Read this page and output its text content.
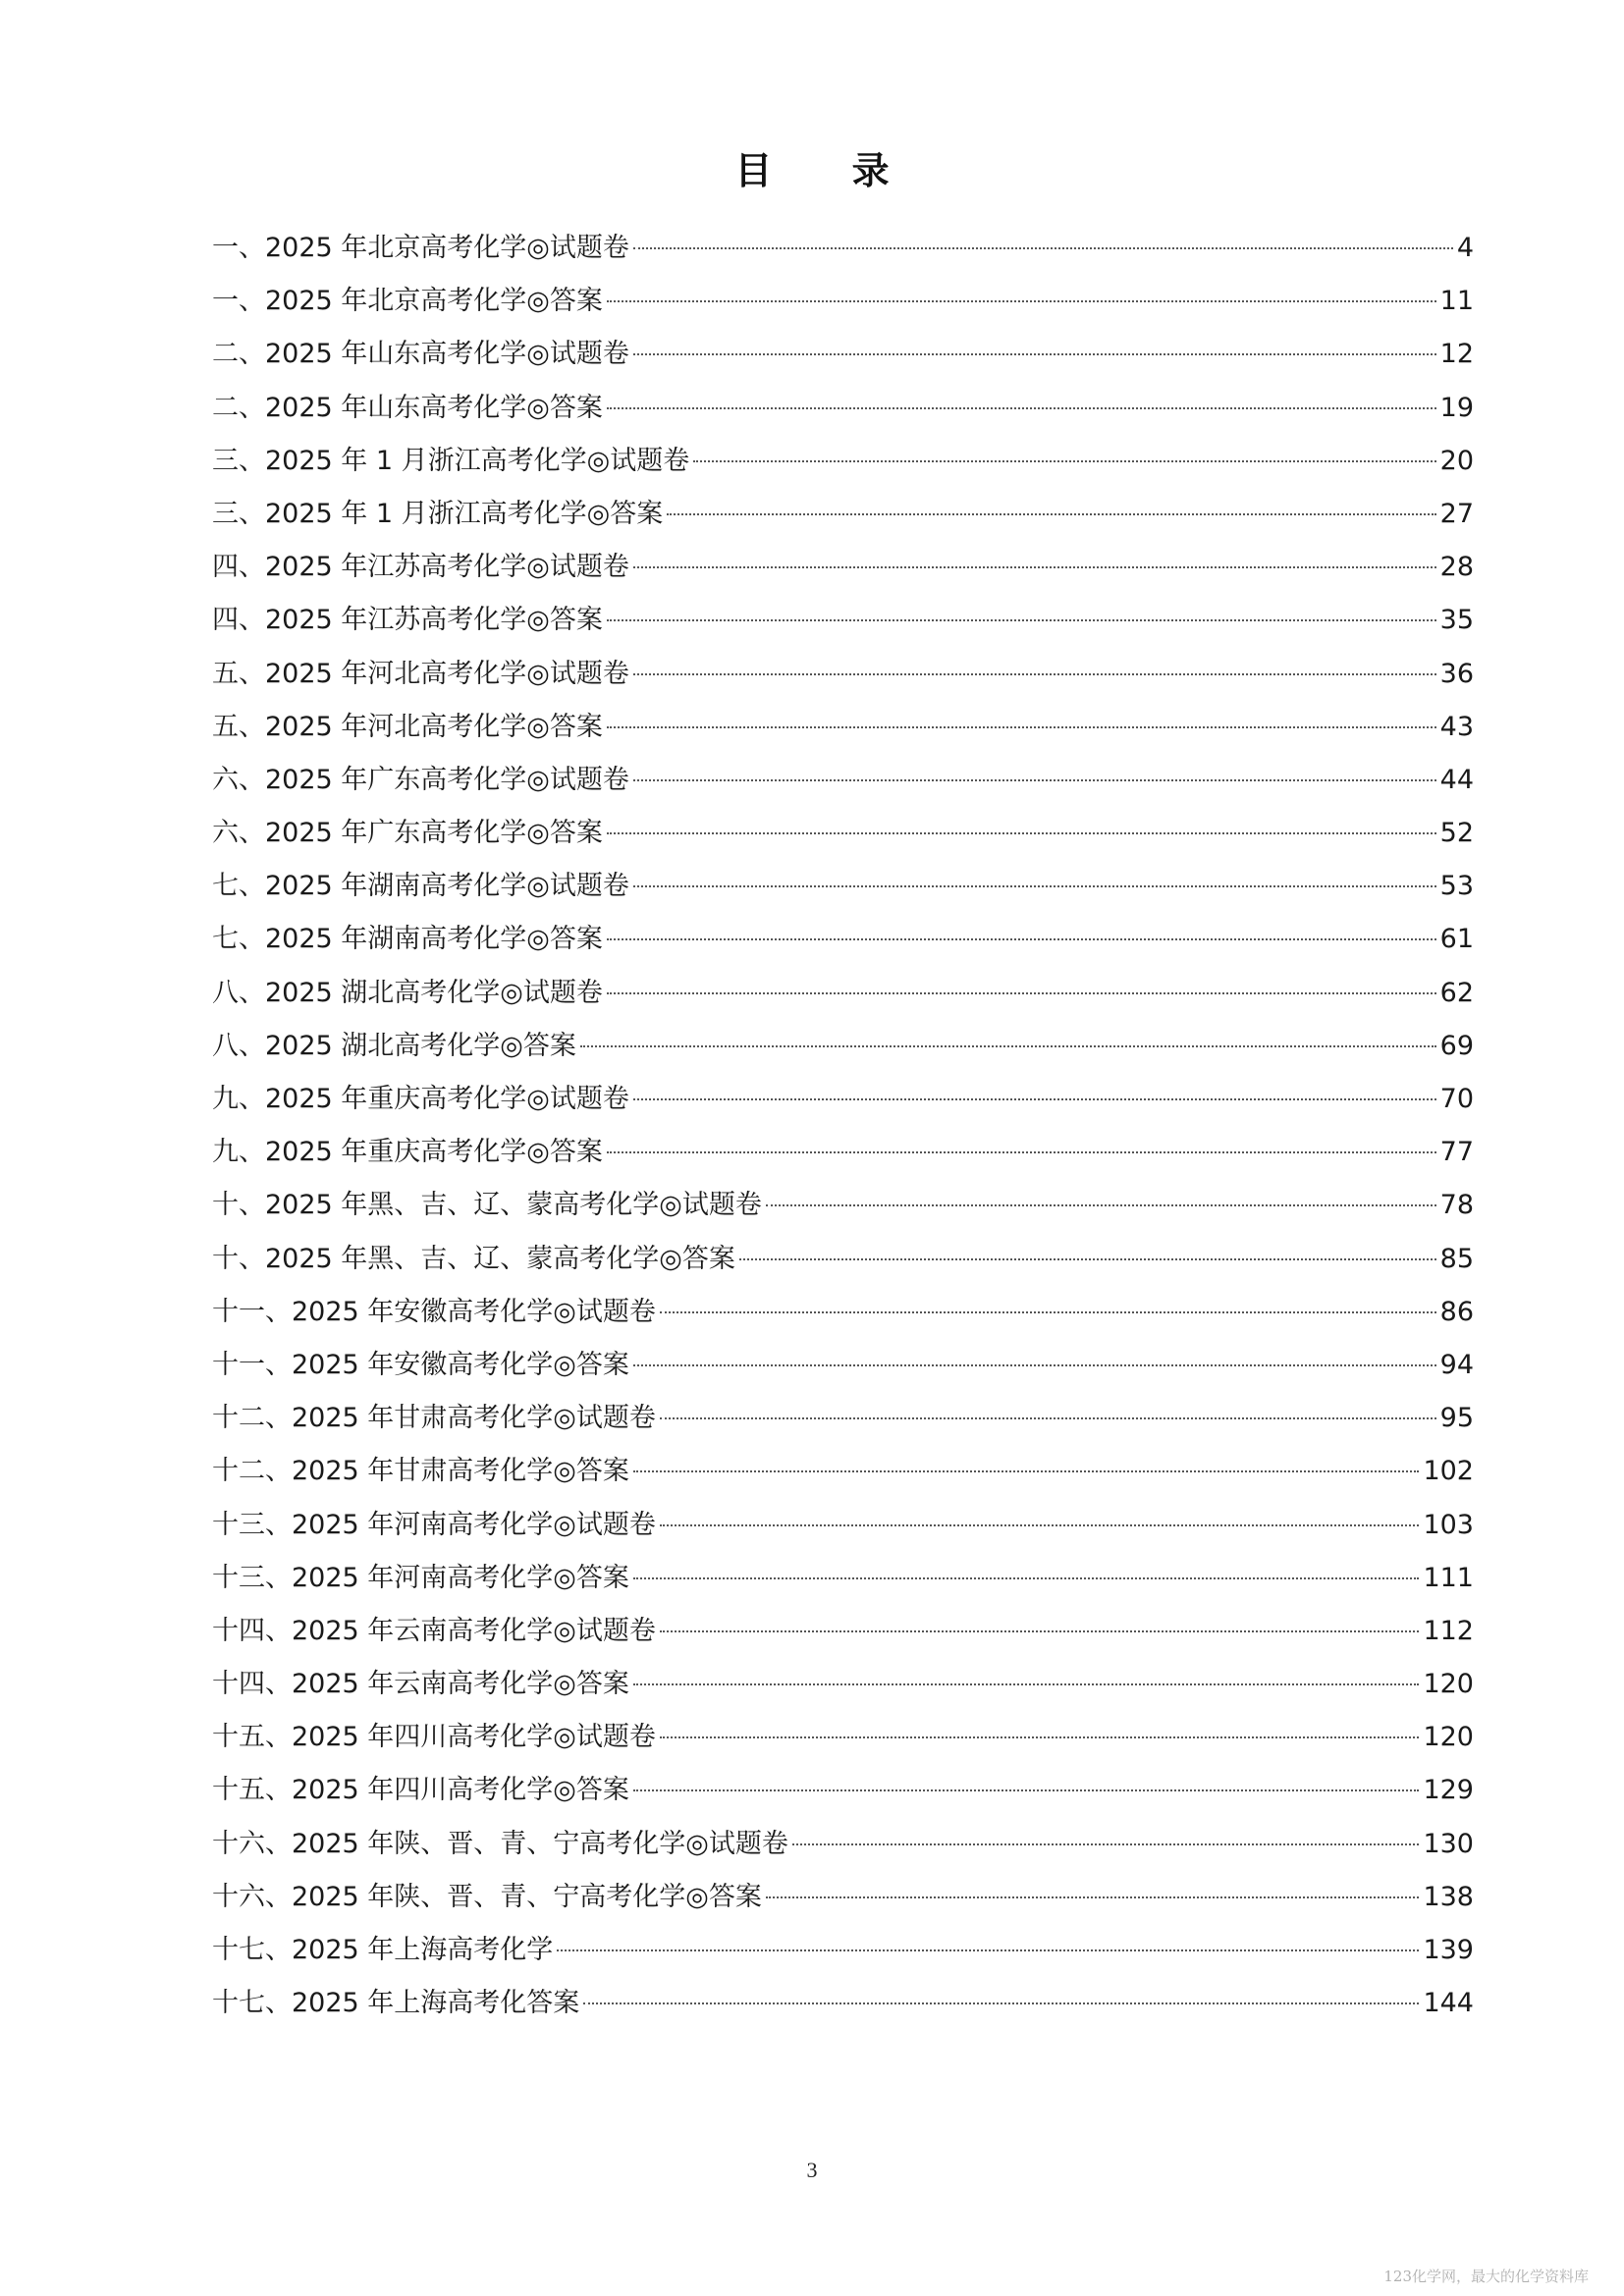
目 录
一、2025 年北京高考化学◎试题卷	4
一、2025 年北京高考化学◎答案	11
二、2025 年山东高考化学◎试题卷	12
二、2025 年山东高考化学◎答案	19
三、2025 年 1 月浙江高考化学◎试题卷	20
三、2025 年 1 月浙江高考化学◎答案	27
四、2025 年江苏高考化学◎试题卷	28
四、2025 年江苏高考化学◎答案	35
五、2025 年河北高考化学◎试题卷	36
五、2025 年河北高考化学◎答案	43
六、2025 年广东高考化学◎试题卷	44
六、2025 年广东高考化学◎答案	52
七、2025 年湖南高考化学◎试题卷	53
七、2025 年湖南高考化学◎答案	61
八、2025 湖北高考化学◎试题卷	62
八、2025 湖北高考化学◎答案	69
九、2025 年重庆高考化学◎试题卷	70
九、2025 年重庆高考化学◎答案	77
十、2025 年黑、吉、辽、蒙高考化学◎试题卷	78
十、2025 年黑、吉、辽、蒙高考化学◎答案	85
十一、2025 年安徽高考化学◎试题卷	86
十一、2025 年安徽高考化学◎答案	94
十二、2025 年甘肃高考化学◎试题卷	95
十二、2025 年甘肃高考化学◎答案	102
十三、2025 年河南高考化学◎试题卷	103
十三、2025 年河南高考化学◎答案	111
十四、2025 年云南高考化学◎试题卷	112
十四、2025 年云南高考化学◎答案	120
十五、2025 年四川高考化学◎试题卷	120
十五、2025 年四川高考化学◎答案	129
十六、2025 年陕、晋、青、宁高考化学◎试题卷	130
十六、2025 年陕、晋、青、宁高考化学◎答案	138
十七、2025 年上海高考化学	139
十七、2025 年上海高考化答案	144
3
123化学网，最大的化学资料库
